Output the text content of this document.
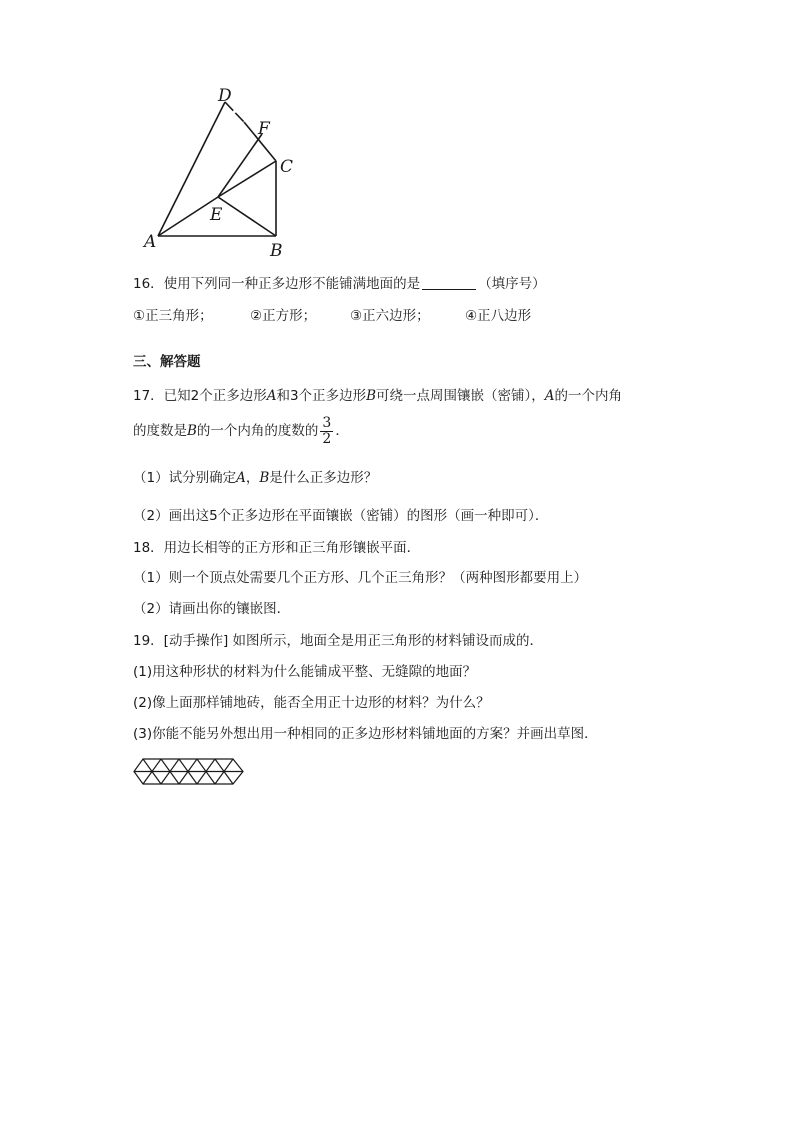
D
F
C
E
A	B
16．使用下列同一种正多边形不能铺满地面的是	（填序号）
①正三角形；	②正方形；	③正六边形；	④正八边形
三、解答题
17．已知2个正多边形A和3个正多边形B可绕一点周围镶嵌（密铺），A的一个内角
的度数是B的一个内角的度数的 $\frac{3}{2}$ ．
（1）试分别确定A，B是什么正多边形？
（2）画出这5个正多边形在平面镶嵌（密铺）的图形（画一种即可）．
18．用边长相等的正方形和正三角形镶嵌平面．
（1）则一个顶点处需要几个正方形、几个正三角形？（两种图形都要用上）
（2）请画出你的镶嵌图．
19．[动手操作] 如图所示，地面全是用正三角形的材料铺设而成的．
(1)用这种形状的材料为什么能铺成平整、无缝隙的地面？
(2)像上面那样铺地砖，能否全用正十边形的材料？为什么？
(3)你能不能另外想出用一种相同的正多边形材料铺地面的方案？并画出草图．
